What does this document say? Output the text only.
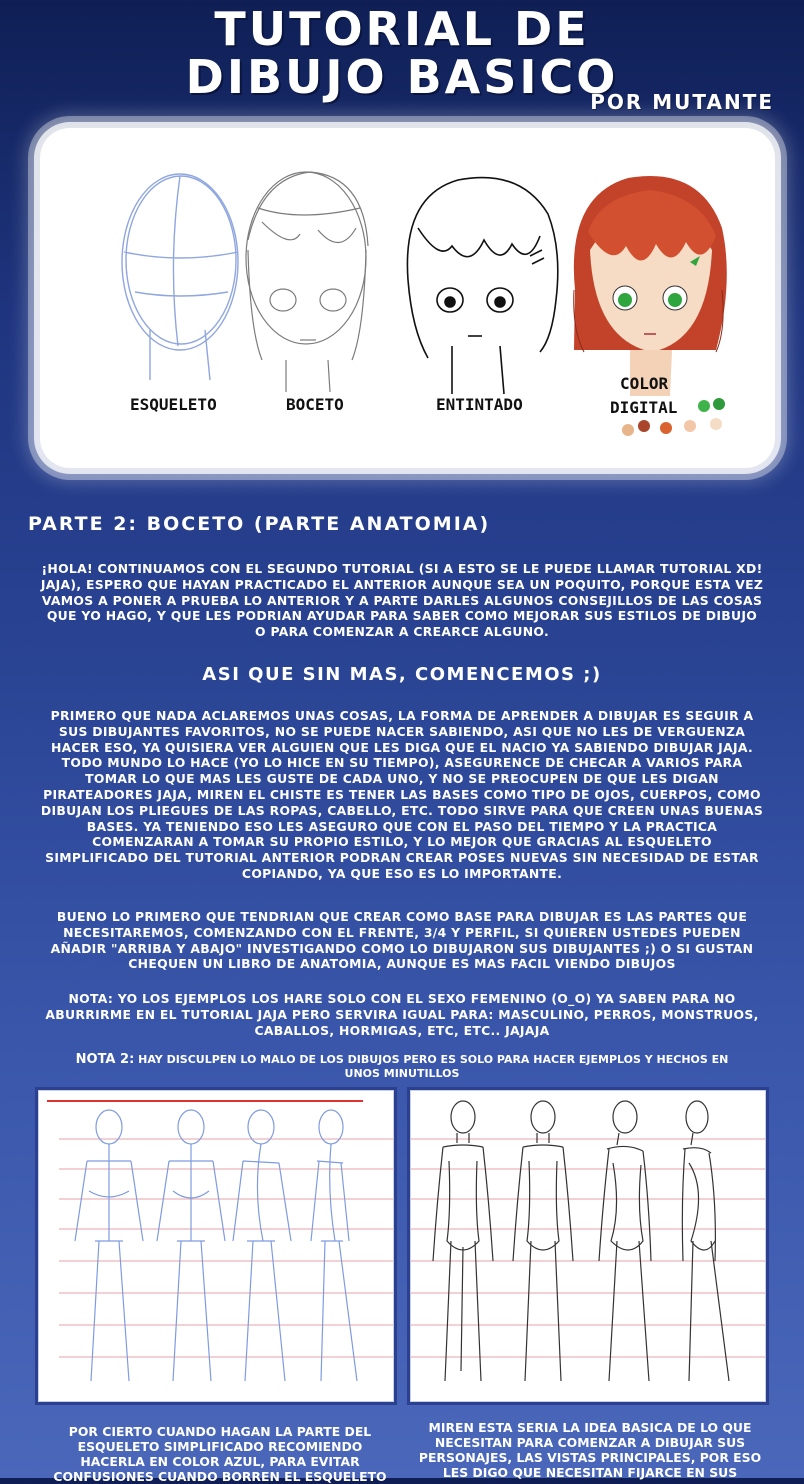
TUTORIAL DE
DIBUJO BASICO
POR MUTANTE
ESQUELETO	BOCETO	ENTINTADO
COLOR
DIGITAL
PARTE 2: BOCETO (PARTE ANATOMIA)
¡HOLA! CONTINUAMOS CON EL SEGUNDO TUTORIAL (SI A ESTO SE LE PUEDE LLAMAR TUTORIAL XD! JAJA), ESPERO QUE HAYAN PRACTICADO EL ANTERIOR AUNQUE SEA UN POQUITO, PORQUE ESTA VEZ VAMOS A PONER A PRUEBA LO ANTERIOR Y A PARTE DARLES ALGUNOS CONSEJILLOS DE LAS COSAS QUE YO HAGO, Y QUE LES PODRIAN AYUDAR PARA SABER COMO MEJORAR SUS ESTILOS DE DIBUJO O PARA COMENZAR A CREARCE ALGUNO.
ASI QUE SIN MAS, COMENCEMOS ;)
PRIMERO QUE NADA ACLAREMOS UNAS COSAS, LA FORMA DE APRENDER A DIBUJAR ES SEGUIR A SUS DIBUJANTES FAVORITOS, NO SE PUEDE NACER SABIENDO, ASI QUE NO LES DE VERGUENZA HACER ESO, YA QUISIERA VER ALGUIEN QUE LES DIGA QUE EL NACIO YA SABIENDO DIBUJAR JAJA. TODO MUNDO LO HACE (YO LO HICE EN SU TIEMPO), ASEGURENCE DE CHECAR A VARIOS PARA TOMAR LO QUE MAS LES GUSTE DE CADA UNO, Y NO SE PREOCUPEN DE QUE LES DIGAN PIRATEADORES JAJA, MIREN EL CHISTE ES TENER LAS BASES COMO TIPO DE OJOS, CUERPOS, COMO DIBUJAN LOS PLIEGUES DE LAS ROPAS, CABELLO, ETC. TODO SIRVE PARA QUE CREEN UNAS BUENAS BASES. YA TENIENDO ESO LES ASEGURO QUE CON EL PASO DEL TIEMPO Y LA PRACTICA COMENZARAN A TOMAR SU PROPIO ESTILO, Y LO MEJOR QUE GRACIAS AL ESQUELETO SIMPLIFICADO DEL TUTORIAL ANTERIOR PODRAN CREAR POSES NUEVAS SIN NECESIDAD DE ESTAR COPIANDO, YA QUE ESO ES LO IMPORTANTE.
BUENO LO PRIMERO QUE TENDRIAN QUE CREAR COMO BASE PARA DIBUJAR ES LAS PARTES QUE NECESITAREMOS, COMENZANDO CON EL FRENTE, 3/4 Y PERFIL, SI QUIEREN USTEDES PUEDEN AÑADIR "ARRIBA Y ABAJO" INVESTIGANDO COMO LO DIBUJARON SUS DIBUJANTES ;) O SI GUSTAN CHEQUEN UN LIBRO DE ANATOMIA, AUNQUE ES MAS FACIL VIENDO DIBUJOS
NOTA: YO LOS EJEMPLOS LOS HARE SOLO CON EL SEXO FEMENINO (O_O) YA SABEN PARA NO ABURRIRME EN EL TUTORIAL JAJA PERO SERVIRA IGUAL PARA: MASCULINO, PERROS, MONSTRUOS, CABALLOS, HORMIGAS, ETC, ETC.. JAJAJA
NOTA 2: HAY DISCULPEN LO MALO DE LOS DIBUJOS PERO ES SOLO PARA HACER EJEMPLOS Y HECHOS EN UNOS MINUTILLOS
POR CIERTO CUANDO HAGAN LA PARTE DEL ESQUELETO SIMPLIFICADO RECOMIENDO HACERLA EN COLOR AZUL, PARA EVITAR CONFUSIONES CUANDO BORREN EL ESQUELETO
MIREN ESTA SERIA LA IDEA BASICA DE LO QUE NECESITAN PARA COMENZAR A DIBUJAR SUS PERSONAJES, LAS VISTAS PRINCIPALES, POR ESO LES DIGO QUE NECESITAN FIJARCE EN SUS
